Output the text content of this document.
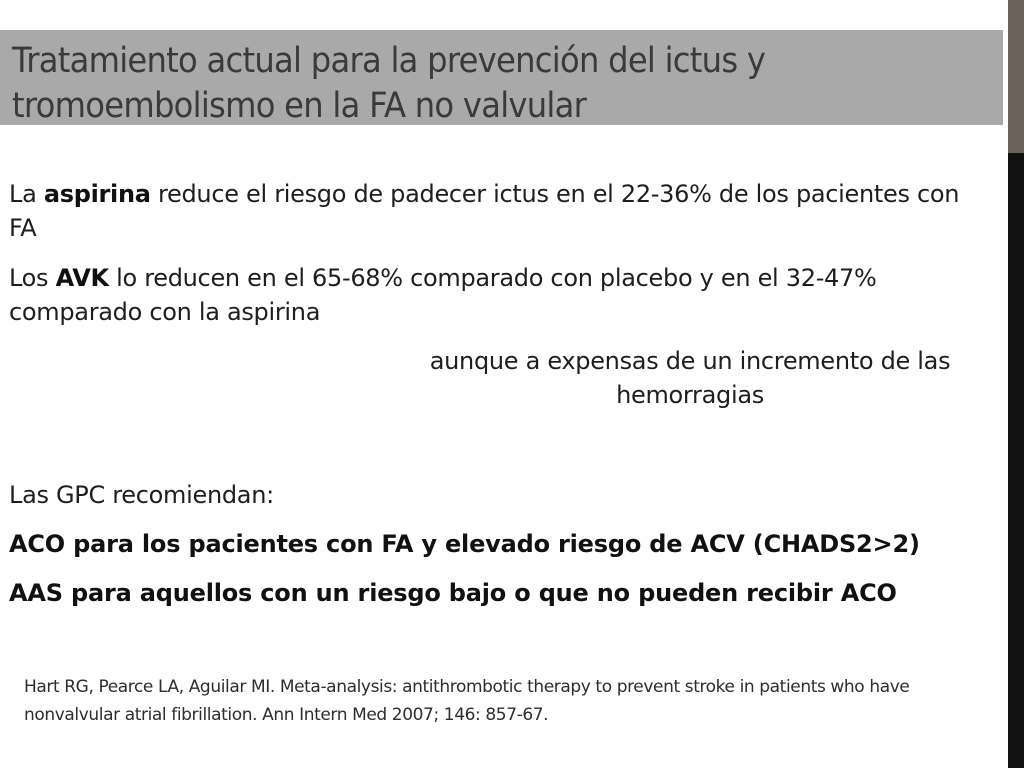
Tratamiento actual para la prevención del ictus y
tromoembolismo en la FA no valvular

La aspirina reduce el riesgo de padecer ictus en el 22-36% de los pacientes con FA

Los AVK lo reducen en el 65-68% comparado con placebo y en el 32-47% comparado con la aspirina

aunque a expensas de un incremento de las hemorragias

Las GPC recomiendan:

ACO para los pacientes con FA y elevado riesgo de ACV (CHADS2>2)

AAS para aquellos con un riesgo bajo o que no pueden recibir ACO

Hart RG, Pearce LA, Aguilar MI. Meta-analysis: antithrombotic therapy to prevent stroke in patients who have nonvalvular atrial fibrillation. Ann Intern Med 2007; 146: 857-67.
